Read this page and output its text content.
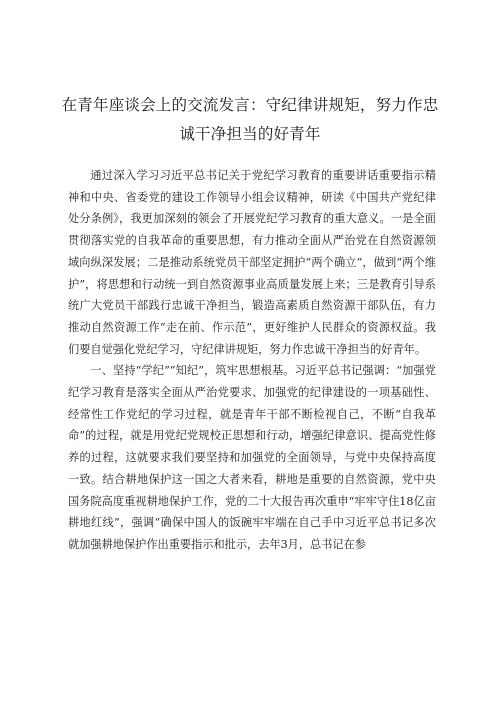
在青年座谈会上的交流发言：守纪律讲规矩，努力作忠
诚干净担当的好青年

通过深入学习习近平总书记关于党纪学习教育的重要讲话重要指示精神和中央、省委党的建设工作领导小组会议精神，研读《中国共产党纪律处分条例》，我更加深刻的领会了开展党纪学习教育的重大意义。一是全面贯彻落实党的自我革命的重要思想，有力推动全面从严治党在自然资源领域向纵深发展；二是推动系统党员干部坚定拥护“两个确立”，做到“两个维护”，将思想和行动统一到自然资源事业高质量发展上来；三是教育引导系统广大党员干部践行忠诚干净担当，锻造高素质自然资源干部队伍，有力推动自然资源工作“走在前、作示范”，更好维护人民群众的资源权益。我们要自觉强化党纪学习，守纪律讲规矩，努力作忠诚干净担当的好青年。

一、坚持“学纪”“知纪”，筑牢思想根基。习近平总书记强调：“加强党纪学习教育是落实全面从严治党要求、加强党的纪律建设的一项基础性、经常性工作党纪的学习过程，就是青年干部不断检视自己，不断“自我革命”的过程，就是用党纪党规校正思想和行动，增强纪律意识、提高党性修养的过程，这就要求我们要坚持和加强党的全面领导，与党中央保持高度一致。结合耕地保护这一国之大者来看，耕地是重要的自然资源，党中央国务院高度重视耕地保护工作，党的二十大报告再次重申“牢牢守住18亿亩耕地红线”，强调“确保中国人的饭碗牢牢端在自己手中习近平总书记多次就加强耕地保护作出重要指示和批示，去年3月，总书记在参
